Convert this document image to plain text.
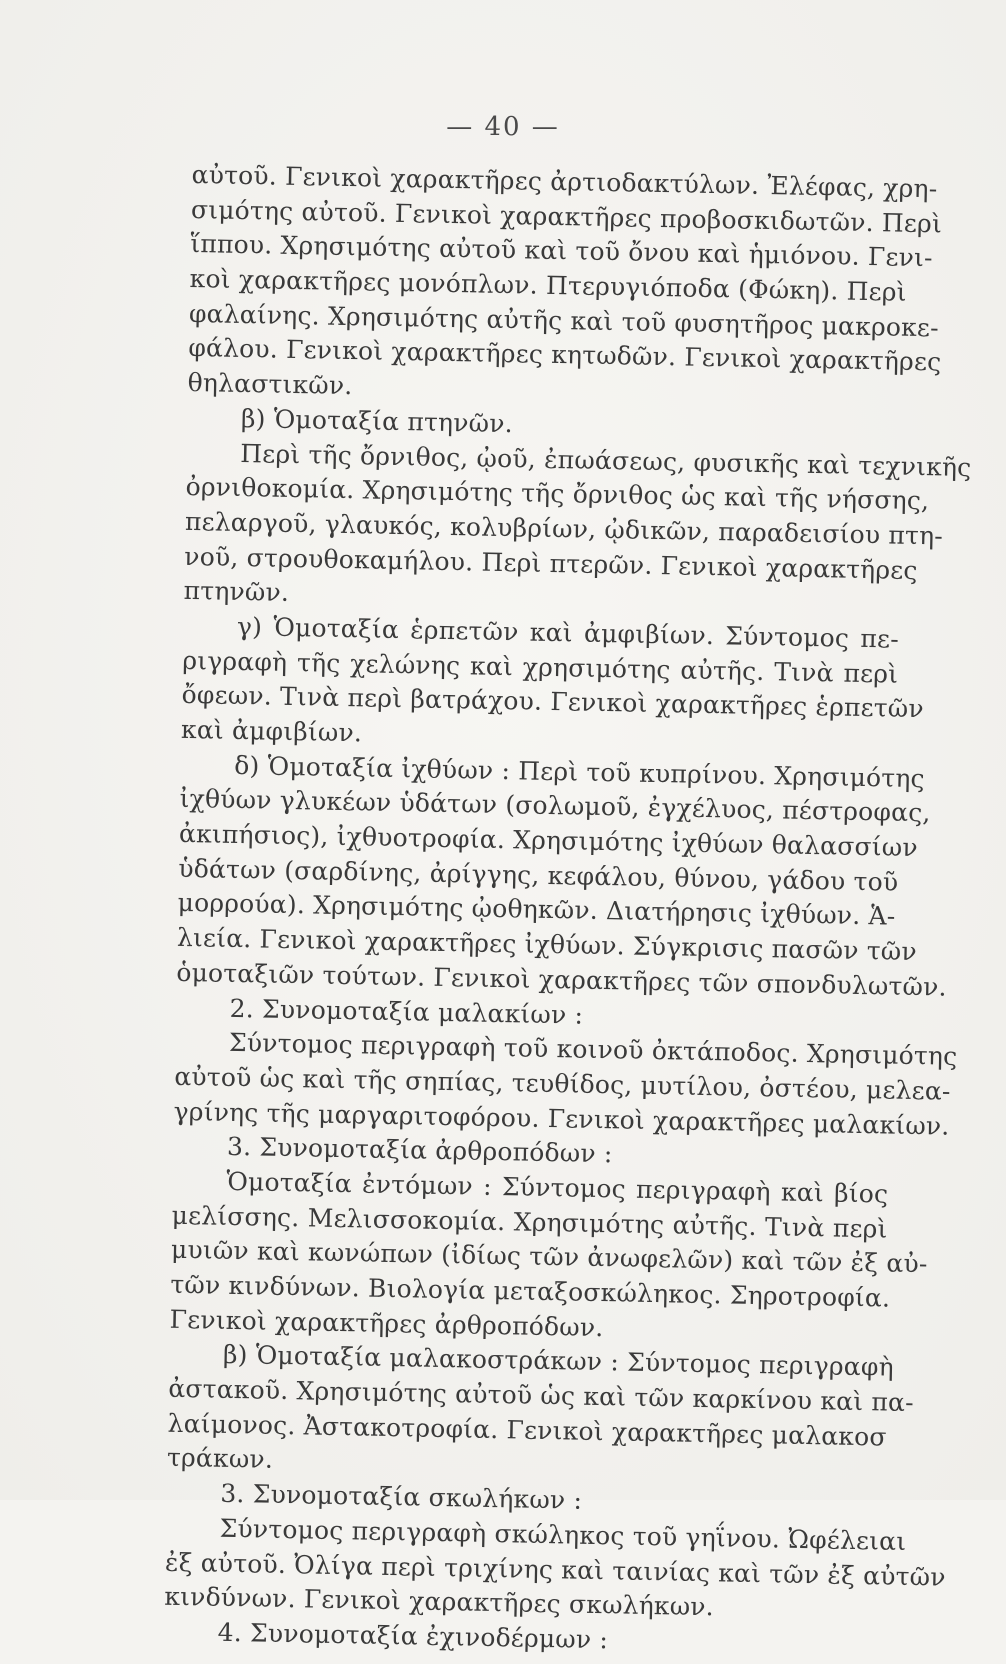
— 40 —
αὐτοῦ. Γενικοὶ χαρακτῆρες ἀρτιοδακτύλων. Ἐλέφας, χρη-
σιμότης αὐτοῦ. Γενικοὶ χαρακτῆρες προβοσκιδωτῶν. Περὶ
ἵππου. Χρησιμότης αὐτοῦ καὶ τοῦ ὄνου καὶ ἡμιόνου. Γενι-
κοὶ χαρακτῆρες μονόπλων. Πτερυγιόποδα (Φώκη). Περὶ
φαλαίνης. Χρησιμότης αὐτῆς καὶ τοῦ φυσητῆρος μακροκε-
φάλου. Γενικοὶ χαρακτῆρες κητωδῶν. Γενικοὶ χαρακτῆρες
θηλαστικῶν.
β) Ὁμοταξία πτηνῶν.
Περὶ τῆς ὄρνιθος, ᾠοῦ, ἐπωάσεως, φυσικῆς καὶ τεχνικῆς
ὀρνιθοκομία. Χρησιμότης τῆς ὄρνιθος ὡς καὶ τῆς νήσσης,
πελαργοῦ, γλαυκός, κολυβρίων, ᾠδικῶν, παραδεισίου πτη-
νοῦ, στρουθοκαμήλου. Περὶ πτερῶν. Γενικοὶ χαρακτῆρες
πτηνῶν.
γ) Ὁμοταξία ἑρπετῶν καὶ ἀμφιβίων. Σύντομος πε-
ριγραφὴ τῆς χελώνης καὶ χρησιμότης αὐτῆς. Τινὰ περὶ
ὄφεων. Τινὰ περὶ βατράχου. Γενικοὶ χαρακτῆρες ἑρπετῶν
καὶ ἀμφιβίων.
δ) Ὁμοταξία ἰχθύων : Περὶ τοῦ κυπρίνου. Χρησιμότης
ἰχθύων γλυκέων ὑδάτων (σολωμοῦ, ἐγχέλυος, πέστροφας,
ἀκιπήσιος), ἰχθυοτροφία. Χρησιμότης ἰχθύων θαλασσίων
ὑδάτων (σαρδίνης, ἀρίγγης, κεφάλου, θύνου, γάδου τοῦ
μορρούα). Χρησιμότης ᾠοθηκῶν. Διατήρησις ἰχθύων. Ἁ-
λιεία. Γενικοὶ χαρακτῆρες ἰχθύων. Σύγκρισις πασῶν τῶν
ὁμοταξιῶν τούτων. Γενικοὶ χαρακτῆρες τῶν σπονδυλωτῶν.
2. Συνομοταξία μαλακίων :
Σύντομος περιγραφὴ τοῦ κοινοῦ ὀκτάποδος. Χρησιμότης
αὐτοῦ ὡς καὶ τῆς σηπίας, τευθίδος, μυτίλου, ὀστέου, μελεα-
γρίνης τῆς μαργαριτοφόρου. Γενικοὶ χαρακτῆρες μαλακίων.
3. Συνομοταξία ἀρθροπόδων :
Ὁμοταξία ἐντόμων : Σύντομος περιγραφὴ καὶ βίος
μελίσσης. Μελισσοκομία. Χρησιμότης αὐτῆς. Τινὰ περὶ
μυιῶν καὶ κωνώπων (ἰδίως τῶν ἀνωφελῶν) καὶ τῶν ἐξ αὐ-
τῶν κινδύνων. Βιολογία μεταξοσκώληκος. Σηροτροφία.
Γενικοὶ χαρακτῆρες ἀρθροπόδων.
β) Ὁμοταξία μαλακοστράκων : Σύντομος περιγραφὴ
ἀστακοῦ. Χρησιμότης αὐτοῦ ὡς καὶ τῶν καρκίνου καὶ πα-
λαίμονος. Ἀστακοτροφία. Γενικοὶ χαρακτῆρες μαλακοσ
τράκων.
3. Συνομοταξία σκωλήκων :
Σύντομος περιγραφὴ σκώληκος τοῦ γηΐνου. Ὠφέλειαι
ἐξ αὐτοῦ. Ὀλίγα περὶ τριχίνης καὶ ταινίας καὶ τῶν ἐξ αὐτῶν
κινδύνων. Γενικοὶ χαρακτῆρες σκωλήκων.
4. Συνομοταξία ἐχινοδέρμων :
